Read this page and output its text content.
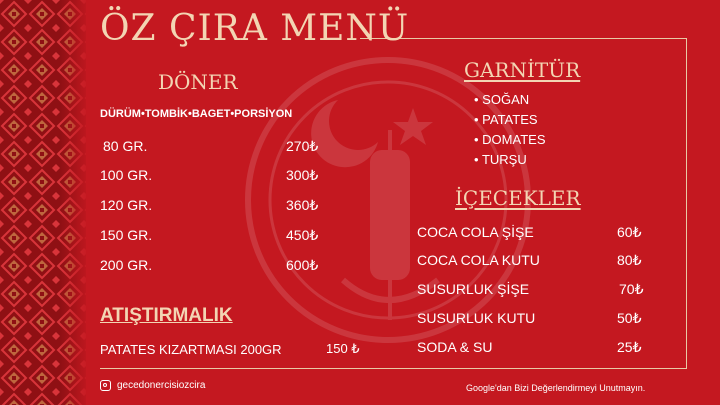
ÖZ ÇIRA MENÜ
DÖNER
DÜRÜM•TOMBİK•BAGET•PORSİYON
80 GR.	270₺
100 GR.	300₺
120 GR.	360₺
150 GR.	450₺
200 GR.	600₺
ATIŞTIRMALIK
PATATES KIZARTMASI 200GR	150 ₺
GARNİTÜR
• SOĞAN
• PATATES
• DOMATES
• TURŞU
İÇECEKLER
COCA COLA ŞİŞE	60₺
COCA COLA KUTU	80₺
SUSURLUK ŞİŞE	70₺
SUSURLUK KUTU	50₺
SODA & SU	25₺
gecedonercisiozcira	Google'dan Bizi Değerlendirmeyi Unutmayın.
